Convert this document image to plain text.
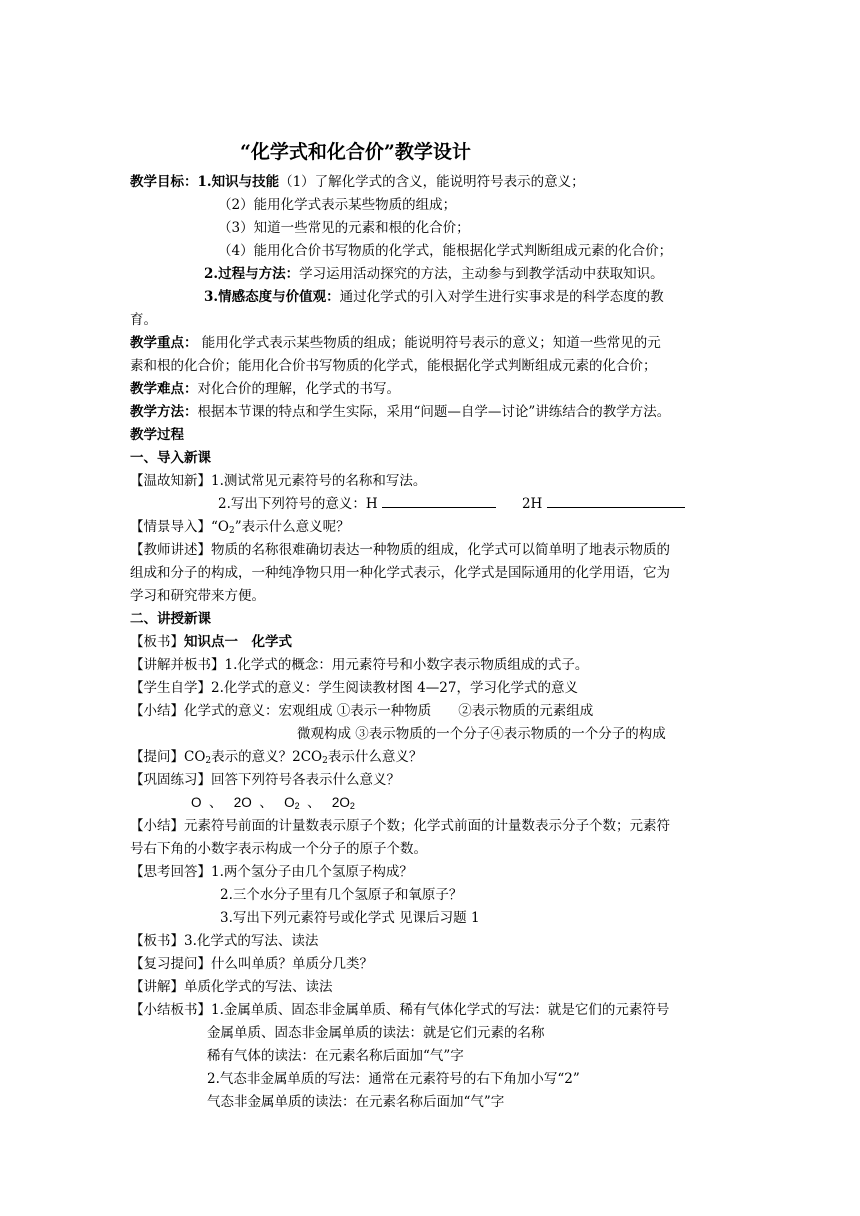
“化学式和化合价”教学设计
教学目标：1.知识与技能（1）了解化学式的含义，能说明符号表示的意义；
（2）能用化学式表示某些物质的组成；
（3）知道一些常见的元素和根的化合价；
（4）能用化合价书写物质的化学式，能根据化学式判断组成元素的化合价；
2.过程与方法：学习运用活动探究的方法，主动参与到教学活动中获取知识。
3.情感态度与价值观：通过化学式的引入对学生进行实事求是的科学态度的教
育。
教学重点： 能用化学式表示某些物质的组成；能说明符号表示的意义；知道一些常见的元
素和根的化合价；能用化合价书写物质的化学式，能根据化学式判断组成元素的化合价；
教学难点：对化合价的理解，化学式的书写。
教学方法：根据本节课的特点和学生实际，采用“问题—自学—讨论”讲练结合的教学方法。
教学过程
一、导入新课
【温故知新】1.测试常见元素符号的名称和写法。
2.写出下列符号的意义：H	2H
【情景导入】“$O_2$”表示什么意义呢？
【教师讲述】物质的名称很难确切表达一种物质的组成，化学式可以简单明了地表示物质的
组成和分子的构成，一种纯净物只用一种化学式表示，化学式是国际通用的化学用语，它为
学习和研究带来方便。
二、讲授新课
【板书】知识点一　化学式
【讲解并板书】1.化学式的概念：用元素符号和小数字表示物质组成的式子。
【学生自学】2.化学式的意义：学生阅读教材图 4—27，学习化学式的意义
【小结】化学式的意义：宏观组成 ①表示一种物质　　②表示物质的元素组成
微观构成 ③表示物质的一个分子④表示物质的一个分子的构成
【提问】$CO_2$表示的意义？$2CO_2$表示什么意义？
【巩固练习】回答下列符号各表示什么意义？
O 、 2O 、 $O_2$ 、 $2O_2$
【小结】元素符号前面的计量数表示原子个数；化学式前面的计量数表示分子个数；元素符
号右下角的小数字表示构成一个分子的原子个数。
【思考回答】1.两个氢分子由几个氢原子构成？
2.三个水分子里有几个氢原子和氧原子？
3.写出下列元素符号或化学式 见课后习题 1
【板书】3.化学式的写法、读法
【复习提问】什么叫单质？单质分几类？
【讲解】单质化学式的写法、读法
【小结板书】1.金属单质、固态非金属单质、稀有气体化学式的写法：就是它们的元素符号
金属单质、固态非金属单质的读法：就是它们元素的名称
稀有气体的读法：在元素名称后面加“气”字
2.气态非金属单质的写法：通常在元素符号的右下角加小写“2”
气态非金属单质的读法：在元素名称后面加“气”字
